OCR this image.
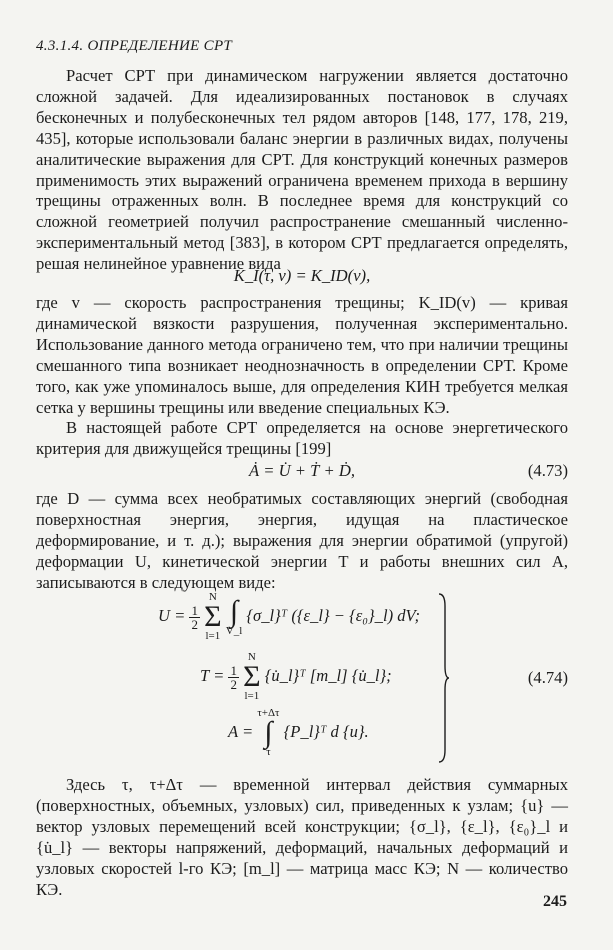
4.3.1.4. ОПРЕДЕЛЕНИЕ СРТ

Расчет СРТ при динамическом нагружении является достаточно сложной задачей. Для идеализированных постановок в случаях бесконечных и полубесконечных тел рядом авторов [148, 177, 178, 219, 435], которые использовали баланс энергии в различных видах, получены аналитические выражения для СРТ. Для конструкций конечных размеров применимость этих выражений ограничена временем прихода в вершину трещины отраженных волн. В последнее время для конструкций со сложной геометрией получил распространение смешанный численно-экспериментальный метод [383], в котором СРТ предлагается определять, решая нелинейное уравнение вида

K_I(τ, v) = K_ID(v),

где v — скорость распространения трещины; K_ID(v) — кривая динамической вязкости разрушения, полученная экспериментально. Использование данного метода ограничено тем, что при наличии трещины смешанного типа возникает неоднозначность в определении СРТ. Кроме того, как уже упоминалось выше, для определения КИН требуется мелкая сетка у вершины трещины или введение специальных КЭ.

В настоящей работе СРТ определяется на основе энергетического критерия для движущейся трещины [199]

Ȧ = U̇ + Ṫ + Ḋ,	(4.73)

где D — сумма всех необратимых составляющих энергий (свободная поверхностная энергия, энергия, идущая на пластическое деформирование, и т. д.); выражения для энергии обратимой (упругой) деформации U, кинетической энергии T и работы внешних сил A, записываются в следующем виде:

$U = \frac{1}{2}$
N
Σ
l=1
∫
V_l {σ_l}ᵀ ({ε_l} − {ε₀}_l) dV;
$T = \frac{1}{2}$
N
Σ
l=1 {u̇_l}ᵀ [m_l] {u̇_l};
A = τ+Δτ
∫
τ {P_l}ᵀ d {u}.
(4.74)

Здесь τ, τ+Δτ — временной интервал действия суммарных (поверхностных, объемных, узловых) сил, приведенных к узлам; {u} — вектор узловых перемещений всей конструкции; {σ_l}, {ε_l}, {ε₀}_l и {u̇_l} — векторы напряжений, деформаций, начальных деформаций и узловых скоростей l-го КЭ; [m_l] — матрица масс КЭ; N — количество КЭ.

245
